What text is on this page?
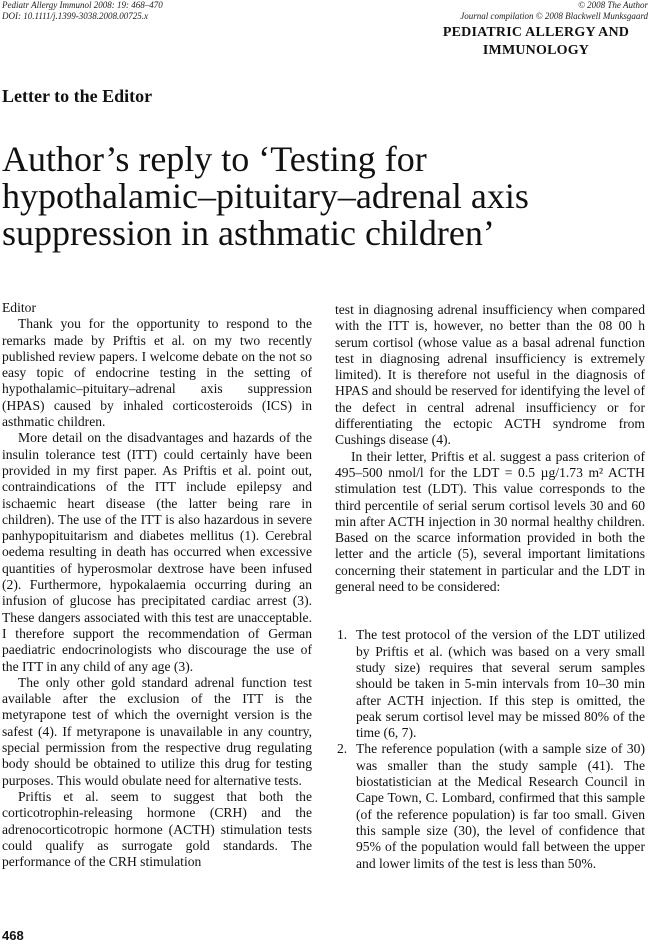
Pediatr Allergy Immunol 2008: 19: 468–470
DOI: 10.1111/j.1399-3038.2008.00725.x
© 2008 The Author
Journal compilation © 2008 Blackwell Munksgaard
PEDIATRIC ALLERGY AND
IMMUNOLOGY
Letter to the Editor
Author’s reply to ‘Testing for hypothalamic–pituitary–adrenal axis suppression in asthmatic children’

Editor

Thank you for the opportunity to respond to the remarks made by Priftis et al. on my two recently published review papers. I welcome debate on the not so easy topic of endocrine testing in the setting of hypothalamic–pituitary–adrenal axis suppression (HPAS) caused by inhaled corticosteroids (ICS) in asthmatic children.

More detail on the disadvantages and hazards of the insulin tolerance test (ITT) could certainly have been provided in my first paper. As Priftis et al. point out, contraindications of the ITT include epilepsy and ischaemic heart disease (the latter being rare in children). The use of the ITT is also hazardous in severe panhypopituitarism and diabetes mellitus (1). Cerebral oedema resulting in death has occurred when excessive quantities of hyperosmolar dextrose have been infused (2). Furthermore, hypokalaemia occurring during an infusion of glucose has precipitated cardiac arrest (3). These dangers associated with this test are unacceptable. I therefore support the recommendation of German paediatric endocrinologists who discourage the use of the ITT in any child of any age (3).

The only other gold standard adrenal function test available after the exclusion of the ITT is the metyrapone test of which the overnight version is the safest (4). If metyrapone is unavailable in any country, special permission from the respective drug regulating body should be obtained to utilize this drug for testing purposes. This would obulate need for alternative tests.

Priftis et al. seem to suggest that both the corticotrophin-releasing hormone (CRH) and the adrenocorticotropic hormone (ACTH) stimulation tests could qualify as surrogate gold standards. The performance of the CRH stimulation

test in diagnosing adrenal insufficiency when compared with the ITT is, however, no better than the 08 00 h serum cortisol (whose value as a basal adrenal function test in diagnosing adrenal insufficiency is extremely limited). It is therefore not useful in the diagnosis of HPAS and should be reserved for identifying the level of the defect in central adrenal insufficiency or for differentiating the ectopic ACTH syndrome from Cushings disease (4).

In their letter, Priftis et al. suggest a pass criterion of 495–500 nmol/l for the LDT = 0.5 µg/1.73 m² ACTH stimulation test (LDT). This value corresponds to the third percentile of serial serum cortisol levels 30 and 60 min after ACTH injection in 30 normal healthy children. Based on the scarce information provided in both the letter and the article (5), several important limitations concerning their statement in particular and the LDT in general need to be considered:

1. The test protocol of the version of the LDT utilized by Priftis et al. (which was based on a very small study size) requires that several serum samples should be taken in 5-min intervals from 10–30 min after ACTH injection. If this step is omitted, the peak serum cortisol level may be missed 80% of the time (6, 7).
2. The reference population (with a sample size of 30) was smaller than the study sample (41). The biostatistician at the Medical Research Council in Cape Town, C. Lombard, confirmed that this sample (of the reference population) is far too small. Given this sample size (30), the level of confidence that 95% of the population would fall between the upper and lower limits of the test is less than 50%.
468
